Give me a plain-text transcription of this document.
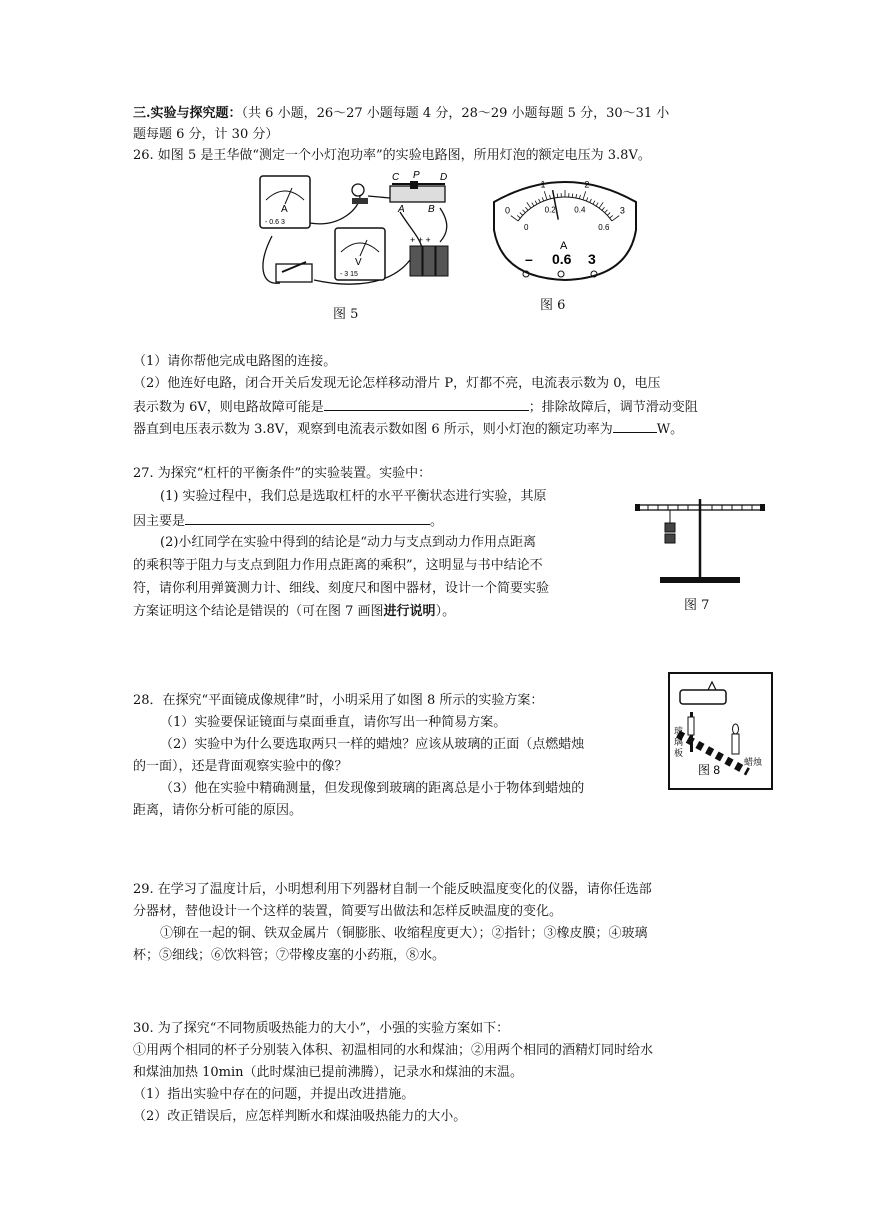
三.实验与探究题：（共 6 小题，26～27 小题每题 4 分，28～29 小题每题 5 分，30～31 小
题每题 6 分，计 30 分）
26. 如图 5 是王华做“测定一个小灯泡功率”的实验电路图，所用灯泡的额定电压为 3.8V。
A
- 0.6 3
C P D
A B
V
- 3 15
+ + +
图 5
0
1	2
3
0
0.2 0.4
0.6
A
– 0.6 3
图 6
（1）请你帮他完成电路图的连接。
（2）他连好电路，闭合开关后发现无论怎样移动滑片 P，灯都不亮，电流表示数为 0，电压
表示数为 6V，则电路故障可能是	；排除故障后，调节滑动变阻
器直到电压表示数为 3.8V，观察到电流表示数如图 6 所示，则小灯泡的额定功率为	W。
27. 为探究“杠杆的平衡条件”的实验装置。实验中：
(1) 实验过程中，我们总是选取杠杆的水平平衡状态进行实验，其原
因主要是	。
(2)小红同学在实验中得到的结论是“动力与支点到动力作用点距离
的乘积等于阻力与支点到阻力作用点距离的乘积”，这明显与书中结论不
符，请你利用弹簧测力计、细线、刻度尺和图中器材，设计一个简要实验
方案证明这个结论是错误的（可在图 7 画图进行说明）。	图 7
28．在探究“平面镜成像规律”时，小明采用了如图 8 所示的实验方案：
（1）实验要保证镜面与桌面垂直，请你写出一种简易方案。
（2）实验中为什么要选取两只一样的蜡烛？应该从玻璃的正面（点燃蜡烛
的一面），还是背面观察实验中的像？
（3）他在实验中精确测量，但发现像到玻璃的距离总是小于物体到蜡烛的
距离，请你分析可能的原因。
玻
璃
板
蜡烛
图 8
29. 在学习了温度计后，小明想利用下列器材自制一个能反映温度变化的仪器，请你任选部
分器材，替他设计一个这样的装置，简要写出做法和怎样反映温度的变化。
①铆在一起的铜、铁双金属片（铜膨胀、收缩程度更大）；②指针；③橡皮膜；④玻璃
杯；⑤细线；⑥饮料管；⑦带橡皮塞的小药瓶，⑧水。
30. 为了探究“不同物质吸热能力的大小”，小强的实验方案如下：
①用两个相同的杯子分别装入体积、初温相同的水和煤油；②用两个相同的酒精灯同时给水
和煤油加热 10min（此时煤油已提前沸腾），记录水和煤油的末温。
（1）指出实验中存在的问题，并提出改进措施。
（2）改正错误后，应怎样判断水和煤油吸热能力的大小。
